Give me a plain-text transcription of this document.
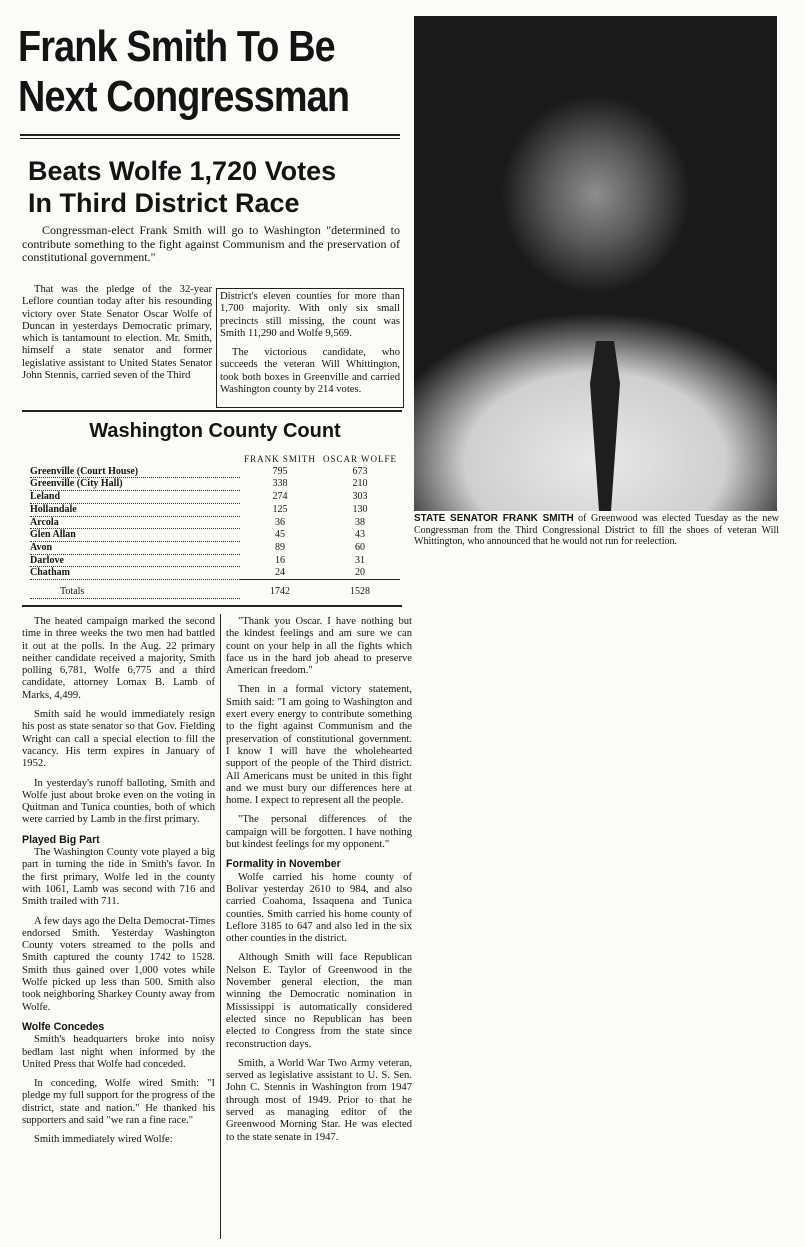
Frank Smith To Be
Next Congressman
Beats Wolfe 1,720 Votes
In Third District Race
Congressman-elect Frank Smith will go to Washington "determined to contribute something to the fight against Communism and the preservation of constitutional government."

That was the pledge of the 32-year Leflore countian today after his resounding victory over State Senator Oscar Wolfe of Duncan in yesterdays Democratic primary, which is tantamount to election. Mr. Smith, himself a state senator and former legislative assistant to United States Senator John Stennis, carried seven of the Third

District's eleven counties for more than 1,700 majority. With only six small precincts still missing, the count was Smith 11,290 and Wolfe 9,569.

The victorious candidate, who succeeds the veteran Will Whittington, took both boxes in Greenville and carried Washington county by 214 votes.

Washington County Count
	FRANK SMITH	OSCAR WOLFE
Greenville (Court House)	795	673
Greenville (City Hall)	338	210
Leland	274	303
Hollandale	125	130
Arcola	36	38
Glen Allan	45	43
Avon	89	60
Darlove	16	31
Chatham	24	20
Totals	1742	1528

The heated campaign marked the second time in three weeks the two men had battled it out at the polls. In the Aug. 22 primary neither candidate received a majority, Smith polling 6,781, Wolfe 6,775 and a third candidate, attorney Lomax B. Lamb of Marks, 4,499.

Smith said he would immediately resign his post as state senator so that Gov. Fielding Wright can call a special election to fill the vacancy. His term expires in January of 1952.

In yesterday's runoff balloting, Smith and Wolfe just about broke even on the voting in Quitman and Tunica counties, both of which were carried by Lamb in the first primary.

Played Big Part

The Washington County vote played a big part in turning the tide in Smith's favor. In the first primary, Wolfe led in the county with 1061, Lamb was second with 716 and Smith trailed with 711.

A few days ago the Delta Democrat-Times endorsed Smith. Yesterday Washington County voters streamed to the polls and Smith captured the county 1742 to 1528. Smith thus gained over 1,000 votes while Wolfe picked up less than 500. Smith also took neighboring Sharkey County away from Wolfe.

Wolfe Concedes

Smith's headquarters broke into noisy bedlam last night when informed by the United Press that Wolfe had conceded.

In conceding, Wolfe wired Smith: "I pledge my full support for the progress of the district, state and nation." He thanked his supporters and said "we ran a fine race."

Smith immediately wired Wolfe:

"Thank you Oscar. I have nothing but the kindest feelings and am sure we can count on your help in all the fights which face us in the hard job ahead to preserve American freedom."

Then in a formal victory statement, Smith said: "I am going to Washington and exert every energy to contribute something to the fight against Communism and the preservation of constitutional government. I know I will have the wholehearted support of the people of the Third district. All Americans must be united in this fight and we must bury our differences here at home. I expect to represent all the people.

"The personal differences of the campaign will be forgotten. I have nothing but kindest feelings for my opponent."

Formality in November

Wolfe carried his home county of Bolivar yesterday 2610 to 984, and also carried Coahoma, Issaquena and Tunica counties. Smith carried his home county of Leflore 3185 to 647 and also led in the six other counties in the district.

Although Smith will face Republican Nelson E. Taylor of Greenwood in the November general election, the man winning the Democratic nomination in Mississippi is automatically considered elected since no Republican has been elected to Congress from the state since reconstruction days.

Smith, a World War Two Army veteran, served as legislative assistant to U. S. Sen. John C. Stennis in Washington from 1947 through most of 1949. Prior to that he served as managing editor of the Greenwood Morning Star. He was elected to the state senate in 1947.

STATE SENATOR FRANK SMITH of Greenwood was elected Tuesday as the new Congressman from the Third Congressional District to fill the shoes of veteran Will Whittington, who announced that he would not run for reelection.
